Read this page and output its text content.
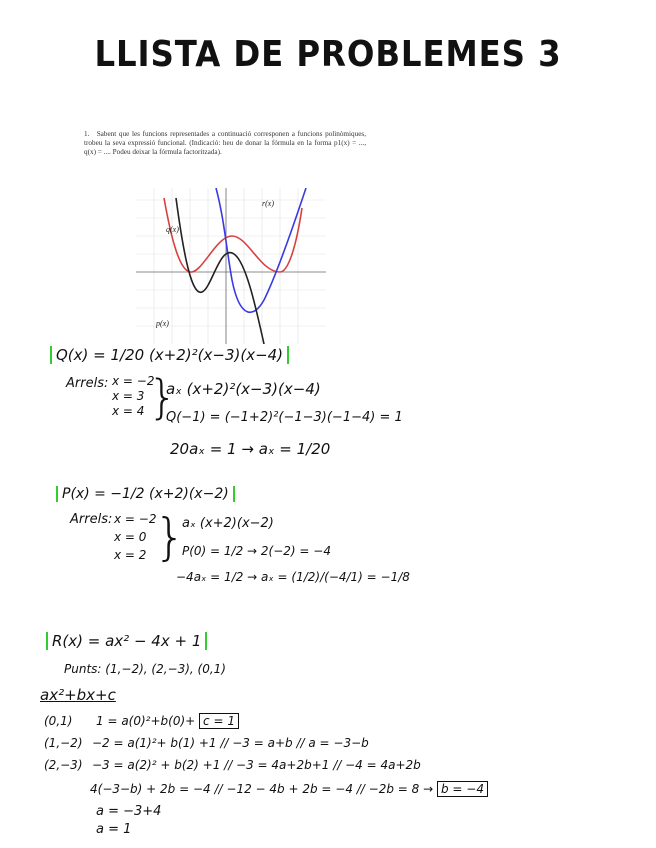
LLISTA DE PROBLEMES 3
1. Sabent que les funcions representades a continuació corresponen a funcions polinòmiques, trobeu la seva expressió funcional. (Indicació: heu de donar la fórmula en la forma p1(x) = ..., q(x) = .... Podeu deixar la fórmula factoritzada).
q(x)
r(x)
p(x)
Q(x) = 1/20 (x+2)²(x−3)(x−4)
Arrels: x = −2
x = 3
x = 4 }
aₓ (x+2)²(x−3)(x−4)
Q(−1) = (−1+2)²(−1−3)(−1−4) = 1
20aₓ = 1 → aₓ = 1/20
P(x) = −1/2 (x+2)(x−2)
Arrels: x = −2
x = 0
x = 2 }
aₓ (x+2)(x−2)
P(0) = 1/2 → 2(−2) = −4
−4aₓ = 1/2 → aₓ = (1/2)/(−4/1) = −1/8
R(x) = ax² − 4x + 1
Punts: (1,−2), (2,−3), (0,1)
ax²+bx+c
(0,1) 1 = a(0)²+b(0)+ c = 1
(1,−2) −2 = a(1)²+ b(1) +1 // −3 = a+b // a = −3−b
(2,−3) −3 = a(2)² + b(2) +1 // −3 = 4a+2b+1 // −4 = 4a+2b
4(−3−b) + 2b = −4 // −12 − 4b + 2b = −4 // −2b = 8 → b = −4
a = −3+4
a = 1
